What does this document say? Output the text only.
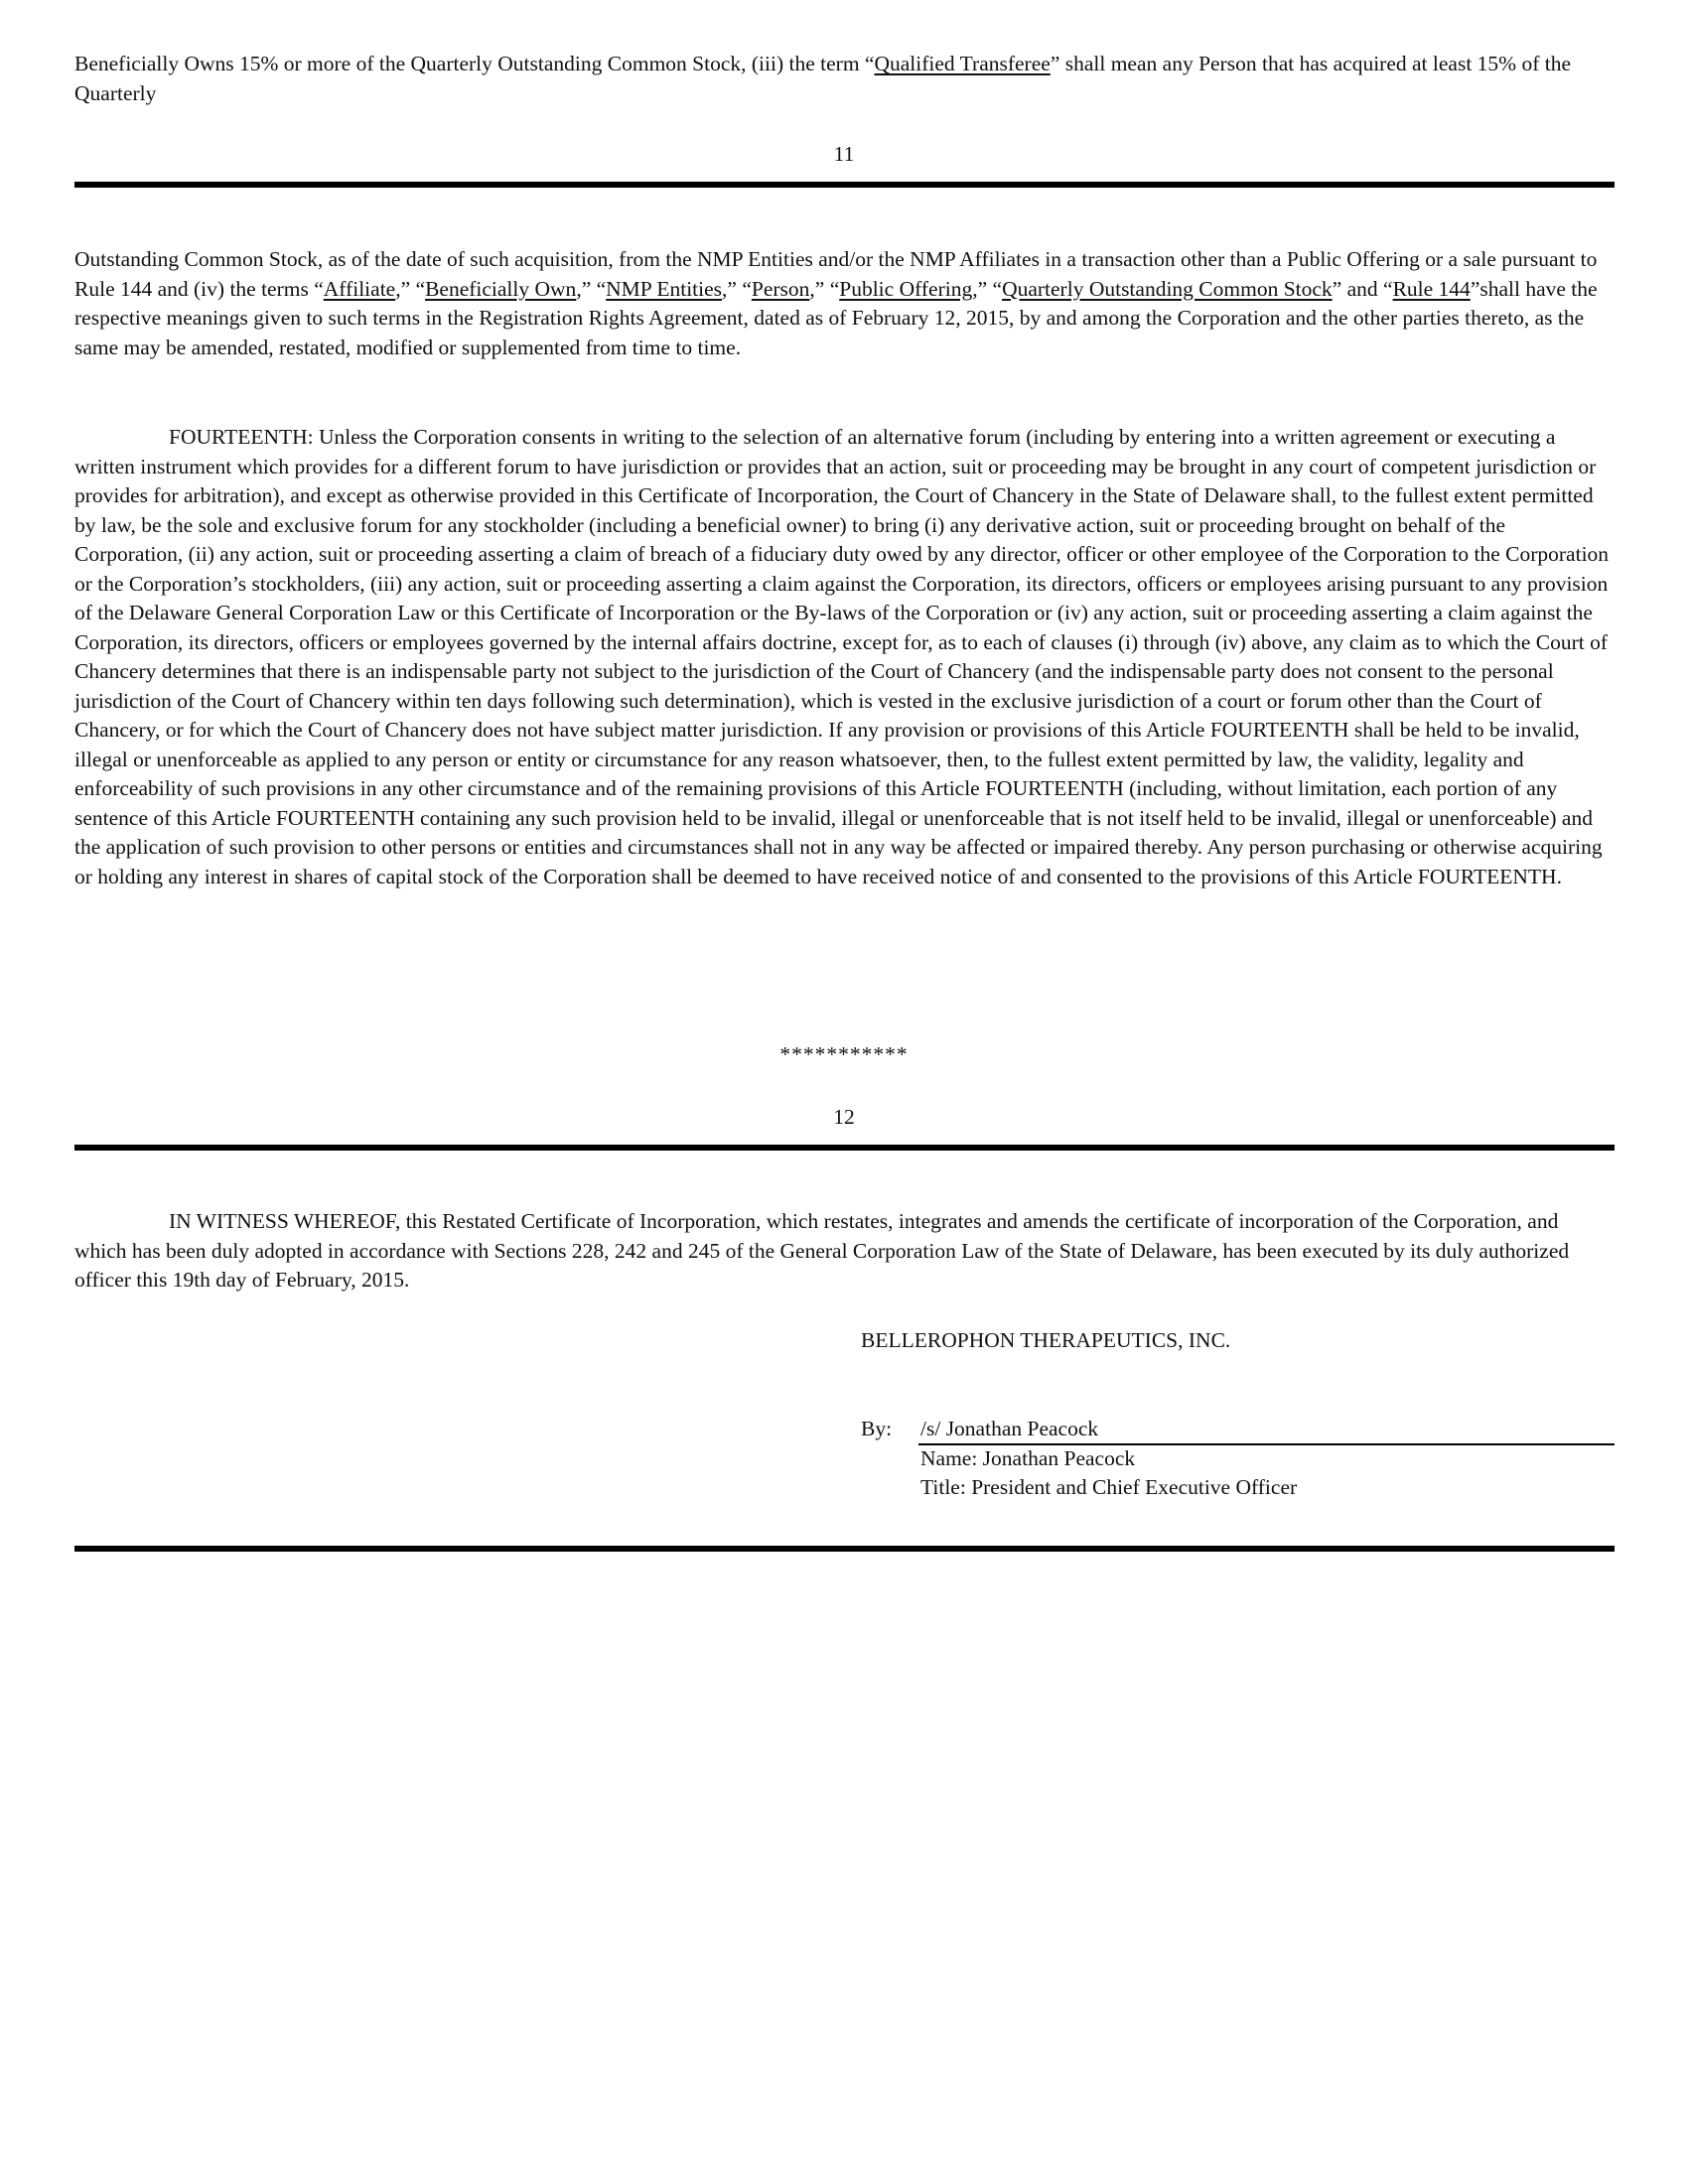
Beneficially Owns 15% or more of the Quarterly Outstanding Common Stock, (iii) the term “Qualified Transferee” shall mean any Person that has acquired at least 15% of the Quarterly

11

Outstanding Common Stock, as of the date of such acquisition, from the NMP Entities and/or the NMP Affiliates in a transaction other than a Public Offering or a sale pursuant to Rule 144 and (iv) the terms “Affiliate,” “Beneficially Own,” “NMP Entities,” “Person,” “Public Offering,” “Quarterly Outstanding Common Stock” and “Rule 144”shall have the respective meanings given to such terms in the Registration Rights Agreement, dated as of February 12, 2015, by and among the Corporation and the other parties thereto, as the same may be amended, restated, modified or supplemented from time to time.

FOURTEENTH: Unless the Corporation consents in writing to the selection of an alternative forum (including by entering into a written agreement or executing a written instrument which provides for a different forum to have jurisdiction or provides that an action, suit or proceeding may be brought in any court of competent jurisdiction or provides for arbitration), and except as otherwise provided in this Certificate of Incorporation, the Court of Chancery in the State of Delaware shall, to the fullest extent permitted by law, be the sole and exclusive forum for any stockholder (including a beneficial owner) to bring (i) any derivative action, suit or proceeding brought on behalf of the Corporation, (ii) any action, suit or proceeding asserting a claim of breach of a fiduciary duty owed by any director, officer or other employee of the Corporation to the Corporation or the Corporation’s stockholders, (iii) any action, suit or proceeding asserting a claim against the Corporation, its directors, officers or employees arising pursuant to any provision of the Delaware General Corporation Law or this Certificate of Incorporation or the By-laws of the Corporation or (iv) any action, suit or proceeding asserting a claim against the Corporation, its directors, officers or employees governed by the internal affairs doctrine, except for, as to each of clauses (i) through (iv) above, any claim as to which the Court of Chancery determines that there is an indispensable party not subject to the jurisdiction of the Court of Chancery (and the indispensable party does not consent to the personal jurisdiction of the Court of Chancery within ten days following such determination), which is vested in the exclusive jurisdiction of a court or forum other than the Court of Chancery, or for which the Court of Chancery does not have subject matter jurisdiction. If any provision or provisions of this Article FOURTEENTH shall be held to be invalid, illegal or unenforceable as applied to any person or entity or circumstance for any reason whatsoever, then, to the fullest extent permitted by law, the validity, legality and enforceability of such provisions in any other circumstance and of the remaining provisions of this Article FOURTEENTH (including, without limitation, each portion of any sentence of this Article FOURTEENTH containing any such provision held to be invalid, illegal or unenforceable that is not itself held to be invalid, illegal or unenforceable) and the application of such provision to other persons or entities and circumstances shall not in any way be affected or impaired thereby. Any person purchasing or otherwise acquiring or holding any interest in shares of capital stock of the Corporation shall be deemed to have received notice of and consented to the provisions of this Article FOURTEENTH.

***********
12

IN WITNESS WHEREOF, this Restated Certificate of Incorporation, which restates, integrates and amends the certificate of incorporation of the Corporation, and which has been duly adopted in accordance with Sections 228, 242 and 245 of the General Corporation Law of the State of Delaware, has been executed by its duly authorized officer this 19th day of February, 2015.

BELLEROPHON THERAPEUTICS, INC.
By: /s/ Jonathan Peacock
Name: Jonathan Peacock
Title: President and Chief Executive Officer
